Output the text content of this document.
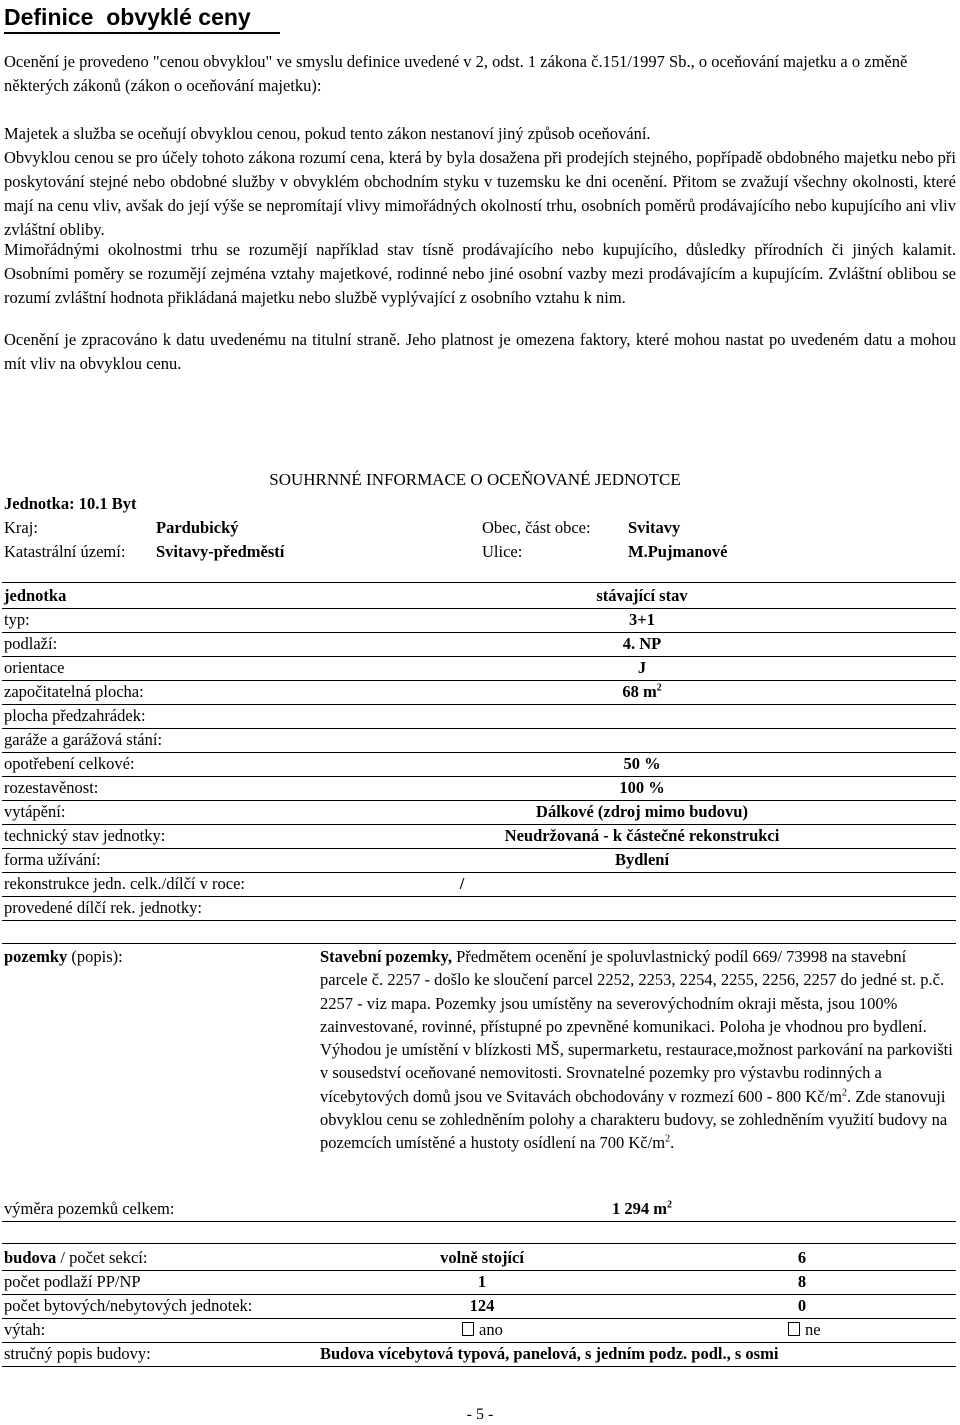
Definice  obvyklé ceny
Ocenění je provedeno "cenou obvyklou" ve smyslu definice uvedené v 2, odst. 1 zákona č.151/1997 Sb., o oceňování majetku a o změně některých zákonů (zákon o oceňování majetku):
Majetek a služba se oceňují obvyklou cenou, pokud tento zákon nestanoví jiný způsob oceňování.
Obvyklou cenou se pro účely tohoto zákona rozumí cena, která by byla dosažena při prodejích stejného, popřípadě obdobného majetku nebo při poskytování stejné nebo obdobné služby v obvyklém obchodním styku v tuzemsku ke dni ocenění. Přitom se zvažují všechny okolnosti, které mají na cenu vliv, avšak do její výše se nepromítají vlivy mimořádných okolností trhu, osobních poměrů prodávajícího nebo kupujícího ani vliv zvláštní obliby.
Mimořádnými okolnostmi trhu se rozumějí například stav tísně prodávajícího nebo kupujícího, důsledky přírodních či jiných kalamit. Osobními poměry se rozumějí zejména vztahy majetkové, rodinné nebo jiné osobní vazby mezi prodávajícím a kupujícím. Zvláštní oblibou se rozumí zvláštní hodnota přikládaná majetku nebo službě vyplývající z osobního vztahu k nim.
Ocenění je zpracováno k datu uvedenému na titulní straně. Jeho platnost je omezena faktory, které mohou nastat po uvedeném datu a mohou mít vliv na obvyklou cenu.
SOUHRNNÉ INFORMACE O OCEŇOVANÉ JEDNOTCE
Jednotka: 10.1 Byt
Kraj:	Pardubický	Obec, část obce: Svitavy
Katastrální území: Svitavy-předměstí	Ulice:	M.Pujmanové
jednotka	stávající stav
typ:	3+1
podlaží:	4. NP
orientace	J
započitatelná plocha:	68 $m^2$
plocha předzahrádek:
garáže a garážová stání:
opotřebení celkové:	50 %
rozestavěnost:	100 %
vytápění:	Dálkové (zdroj mimo budovu)
technický stav jednotky:	Neudržovaná - k částečné rekonstrukci
forma užívání:	Bydlení
rekonstrukce jedn. celk./dílčí v roce:	/
provedené dílčí rek. jednotky:
pozemky (popis):	Stavební pozemky, Předmětem ocenění je spoluvlastnický podíl 669/ 73998 na stavební parcele č. 2257 - došlo ke sloučení parcel 2252, 2253, 2254, 2255, 2256, 2257 do jedné st. p.č. 2257 - viz mapa. Pozemky jsou umístěny na severovýchodním okraji města, jsou 100% zainvestované, rovinné, přístupné po zpevněné komunikaci. Poloha je vhodnou pro bydlení. Výhodou je umístění v blízkosti MŠ, supermarketu, restaurace,možnost parkování na parkovišti v sousedství oceňované nemovitosti. Srovnatelné pozemky pro výstavbu rodinných a vícebytových domů jsou ve Svitavách obchodovány v rozmezí 600 - 800 $Kč/m^2$. Zde stanovuji obvyklou cenu se zohledněním polohy a charakteru budovy, se zohledněním využití budovy na pozemcích umístěné a hustoty osídlení na 700 $Kč/m^2$.
výměra pozemků celkem:	1 294 $m^2$
budova / počet sekcí:	volně stojící	6
počet podlaží PP/NP	1	8
počet bytových/nebytových jednotek:	124	0
výtah:	ano	ne
stručný popis budovy:	Budova vícebytová typová, panelová, s jedním podz. podl., s osmi
- 5 -
